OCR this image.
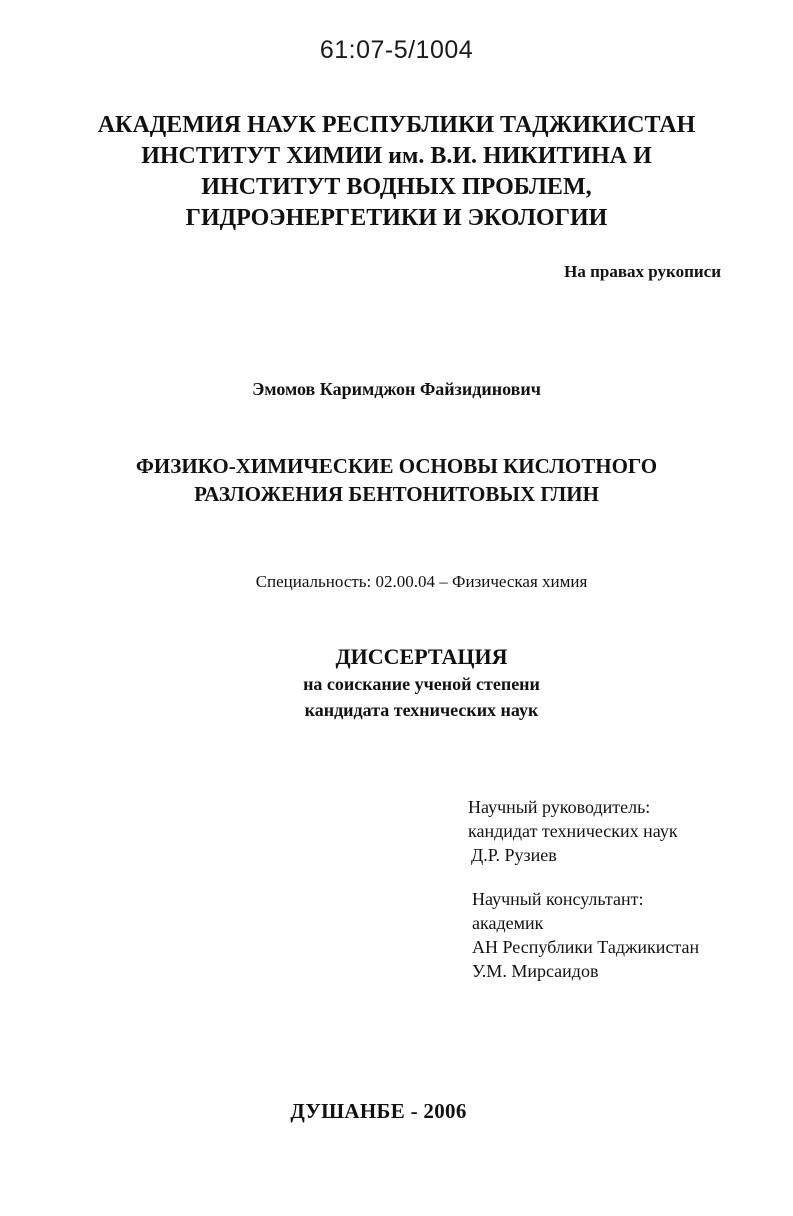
61:07-5/1004
АКАДЕМИЯ НАУК РЕСПУБЛИКИ ТАДЖИКИСТАН
ИНСТИТУТ ХИМИИ им. В.И. НИКИТИНА И
ИНСТИТУТ ВОДНЫХ ПРОБЛЕМ,
ГИДРОЭНЕРГЕТИКИ И ЭКОЛОГИИ
На правах рукописи
Эмомов Каримджон Файзидинович
ФИЗИКО-ХИМИЧЕСКИЕ ОСНОВЫ КИСЛОТНОГО
РАЗЛОЖЕНИЯ БЕНТОНИТОВЫХ ГЛИН
Специальность: 02.00.04 – Физическая химия
ДИССЕРТАЦИЯ
на соискание ученой степени
кандидата технических наук
Научный руководитель:
кандидат технических наук
Д.Р. Рузиев
Научный консультант:
академик
АН Республики Таджикистан
У.М. Мирсаидов
ДУШАНБЕ - 2006
